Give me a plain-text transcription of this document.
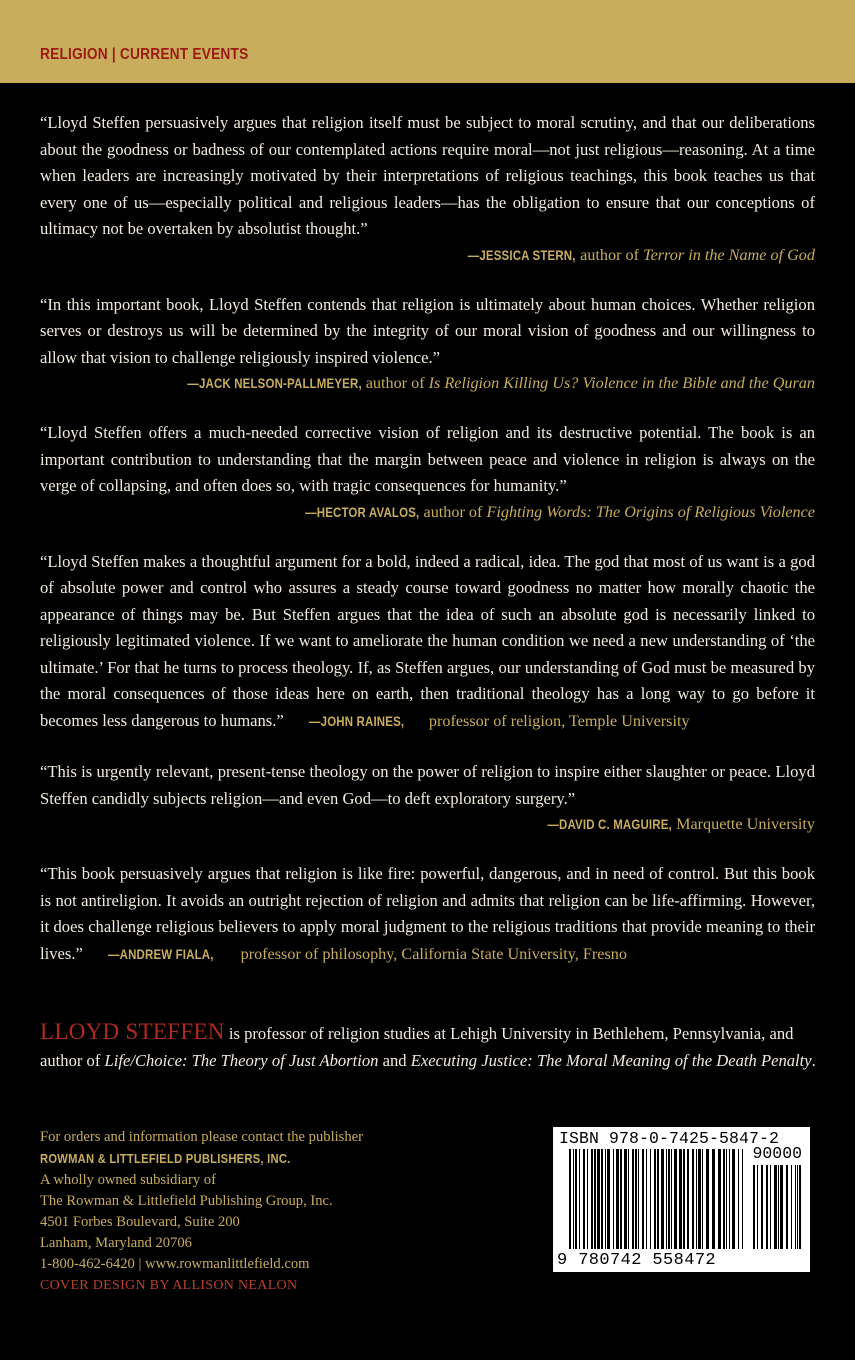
RELIGION | CURRENT EVENTS

“Lloyd Steffen persuasively argues that religion itself must be subject to moral scrutiny, and that our deliberations about the goodness or badness of our contemplated actions require moral—not just religious—reasoning. At a time when leaders are increasingly motivated by their interpretations of religious teachings, this book teaches us that every one of us—especially political and religious leaders—has the obligation to ensure that our conceptions of ultimacy not be overtaken by absolutist thought.”

—JESSICA STERN, author of Terror in the Name of God

“In this important book, Lloyd Steffen contends that religion is ultimately about human choices. Whether religion serves or destroys us will be determined by the integrity of our moral vision of goodness and our willingness to allow that vision to challenge religiously inspired violence.”

—JACK NELSON-PALLMEYER, author of Is Religion Killing Us? Violence in the Bible and the Quran

“Lloyd Steffen offers a much-needed corrective vision of religion and its destructive potential. The book is an important contribution to understanding that the margin between peace and violence in religion is always on the verge of collapsing, and often does so, with tragic consequences for humanity.”

—HECTOR AVALOS, author of Fighting Words: The Origins of Religious Violence

“Lloyd Steffen makes a thoughtful argument for a bold, indeed a radical, idea. The god that most of us want is a god of absolute power and control who assures a steady course toward goodness no matter how morally chaotic the appearance of things may be. But Steffen argues that the idea of such an absolute god is necessarily linked to religiously legitimated violence. If we want to ameliorate the human condition we need a new understanding of ‘the ultimate.’ For that he turns to process theology. If, as Steffen argues, our understanding of God must be measured by the moral consequences of those ideas here on earth, then traditional theology has a long way to go before it becomes less dangerous to humans.” —JOHN RAINES, professor of religion, Temple University

“This is urgently relevant, present-tense theology on the power of religion to inspire either slaughter or peace. Lloyd Steffen candidly subjects religion—and even God—to deft exploratory surgery.”

—DAVID C. MAGUIRE, Marquette University

“This book persuasively argues that religion is like fire: powerful, dangerous, and in need of control. But this book is not antireligion. It avoids an outright rejection of religion and admits that religion can be life-affirming. However, it does challenge religious believers to apply moral judgment to the religious traditions that provide meaning to their lives.” —ANDREW FIALA, professor of philosophy, California State University, Fresno

LLOYD STEFFEN is professor of religion studies at Lehigh University in Bethlehem, Pennsylvania, and author of Life/Choice: The Theory of Just Abortion and Executing Justice: The Moral Meaning of the Death Penalty.
For orders and information please contact the publisher
ROWMAN & LITTLEFIELD PUBLISHERS, INC.
A wholly owned subsidiary of
The Rowman & Littlefield Publishing Group, Inc.
4501 Forbes Boulevard, Suite 200
Lanham, Maryland 20706
1-800-462-6420 | www.rowmanlittlefield.com
COVER DESIGN BY ALLISON NEALON
ISBN 978-0-7425-5847-2
90000
9 780742 558472
